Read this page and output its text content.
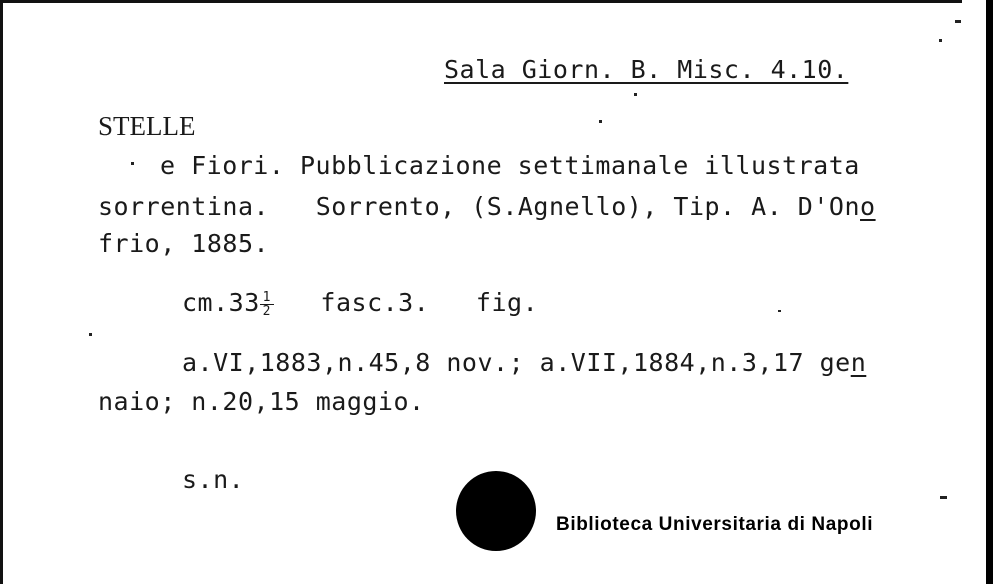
Sala Giorn. B. Misc. 4.10.
STELLE
e Fiori. Pubblicazione settimanale illustrata
sorrentina.   Sorrento, (S.Agnello), Tip. A. D'Ono
frio, 1885.
$cm.33 \frac{1}{2}$ fasc.3.   fig.
a.VI,1883,n.45,8 nov.; a.VII,1884,n.3,17 gen
naio; n.20,15 maggio.
s.n.
Biblioteca Universitaria di Napoli
